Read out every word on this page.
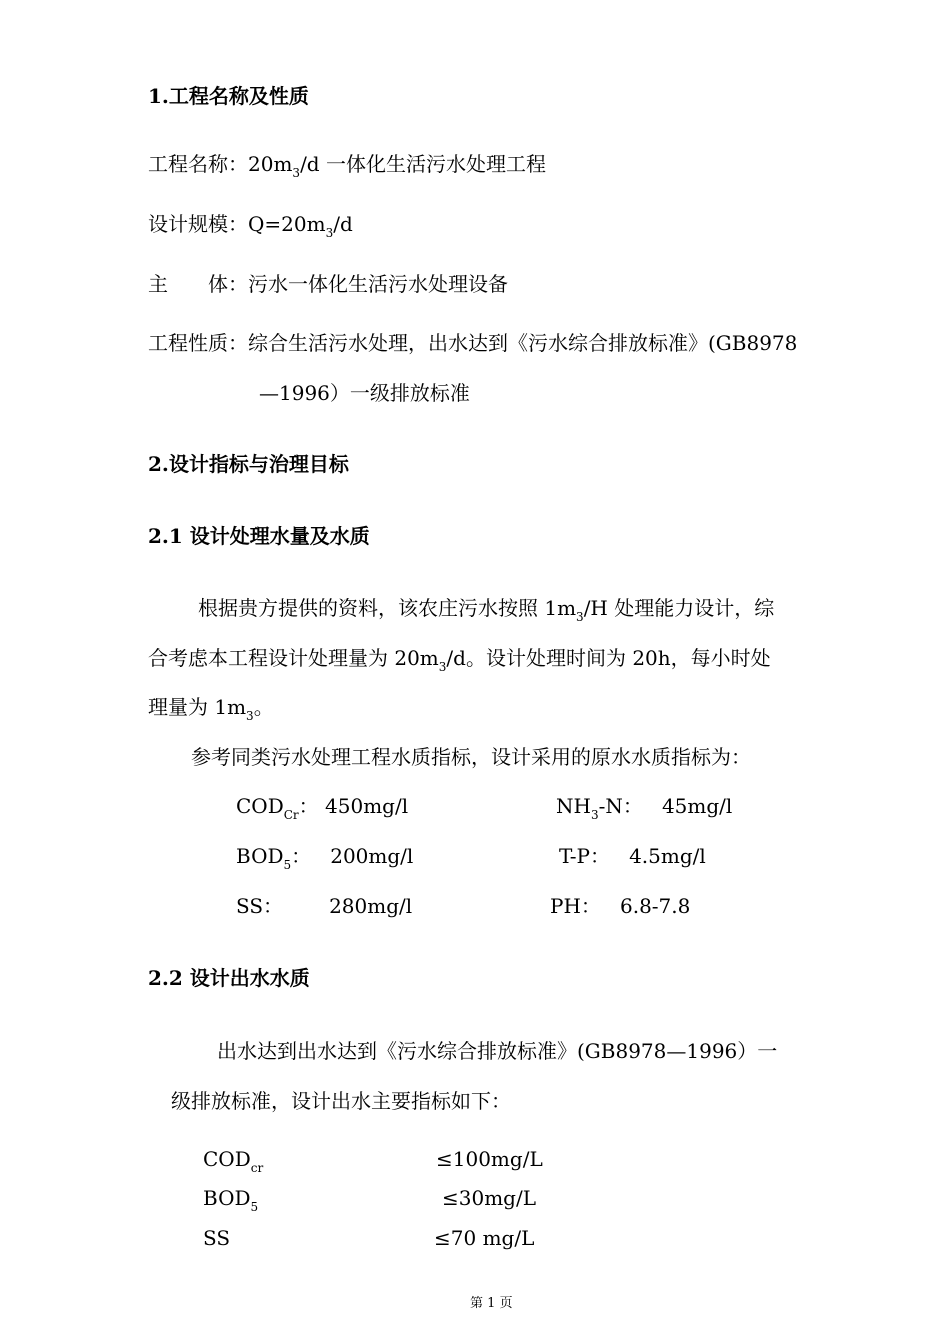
1.工程名称及性质
工程名称：$20m_3/d$ 一体化生活污水处理工程
设计规模：$Q=20m_3/d$
主　　体：污水一体化生活污水处理设备
工程性质：综合生活污水处理，出水达到《污水综合排放标准》(GB8978
—1996）一级排放标准
2.设计指标与治理目标
2.1 设计处理水量及水质
根据贵方提供的资料，该农庄污水按照 $1m_3/H$ 处理能力设计，综
合考虑本工程设计处理量为 $20m_3/d$。设计处理时间为 20h，每小时处
理量为 $1m_3$。
参考同类污水处理工程水质指标，设计采用的原水水质指标为：
$COD_{Cr}$： 450mg/l	$NH_3-N$： 45mg/l
$BOD_5$： 200mg/l	T-P： 4.5mg/l
SS： 280mg/l	PH： 6.8-7.8
2.2 设计出水水质
出水达到出水达到《污水综合排放标准》(GB8978—1996）一
级排放标准，设计出水主要指标如下：
$COD_{cr}$	≤100mg/L
$BOD_5$	≤30mg/L
SS	≤70 mg/L
第 1 页
